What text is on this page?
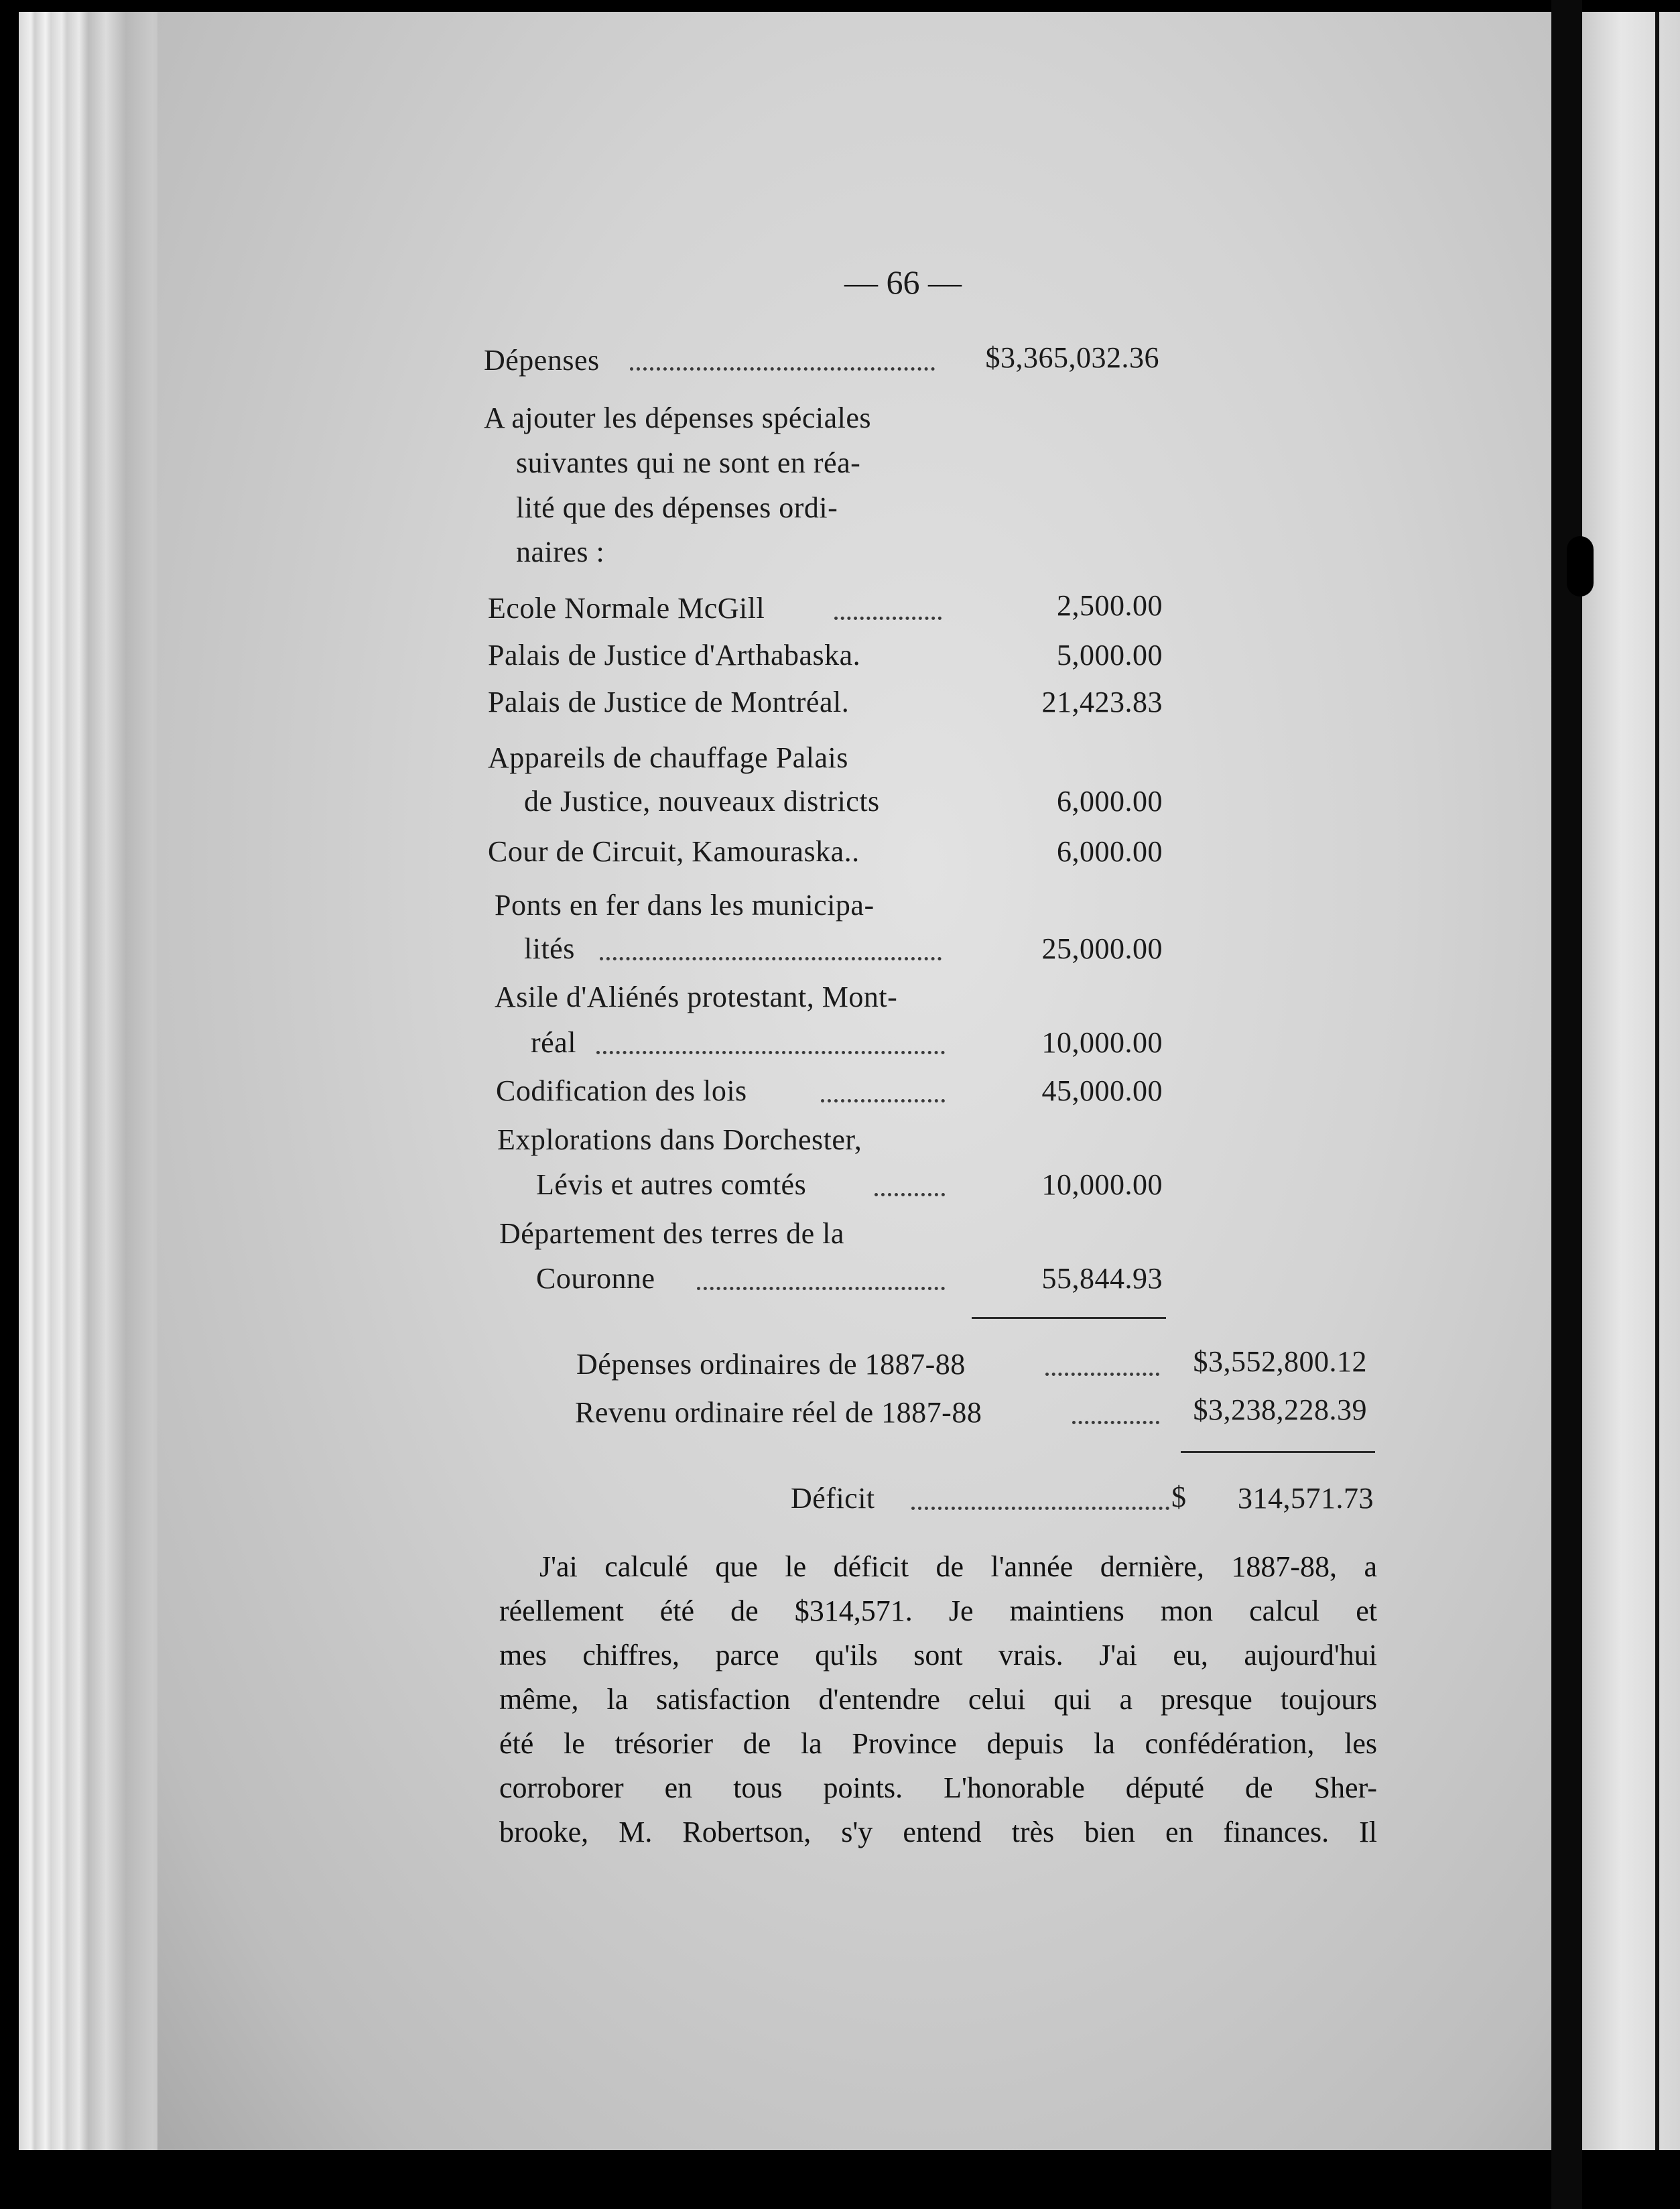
— 66 —
Dépenses	$3,365,032.36
A ajouter les dépenses spéciales
suivantes qui ne sont en réa-
lité que des dépenses ordi-
naires :
Ecole Normale McGill	2,500.00
Palais de Justice d'Arthabaska.	5,000.00
Palais de Justice de Montréal.	21,423.83
Appareils de chauffage Palais
de Justice, nouveaux districts	6,000.00
Cour de Circuit, Kamouraska..	6,000.00
Ponts en fer dans les municipa-
lités	25,000.00
Asile d'Aliénés protestant, Mont-
réal	10,000.00
Codification des lois	45,000.00
Explorations dans Dorchester,
Lévis et autres comtés	10,000.00
Département des terres de la
Couronne	55,844.93
Dépenses ordinaires de 1887-88	$3,552,800.12
Revenu ordinaire réel de 1887-88	$3,238,228.39
Déficit	$	314,571.73
J'ai calculé que le déficit de l'année dernière, 1887-88, a
réellement été de $314,571. Je maintiens mon calcul et
mes chiffres, parce qu'ils sont vrais. J'ai eu, aujourd'hui
même, la satisfaction d'entendre celui qui a presque toujours
été le trésorier de la Province depuis la confédération, les
corroborer en tous points. L'honorable député de Sher-
brooke, M. Robertson, s'y entend très bien en finances. Il
